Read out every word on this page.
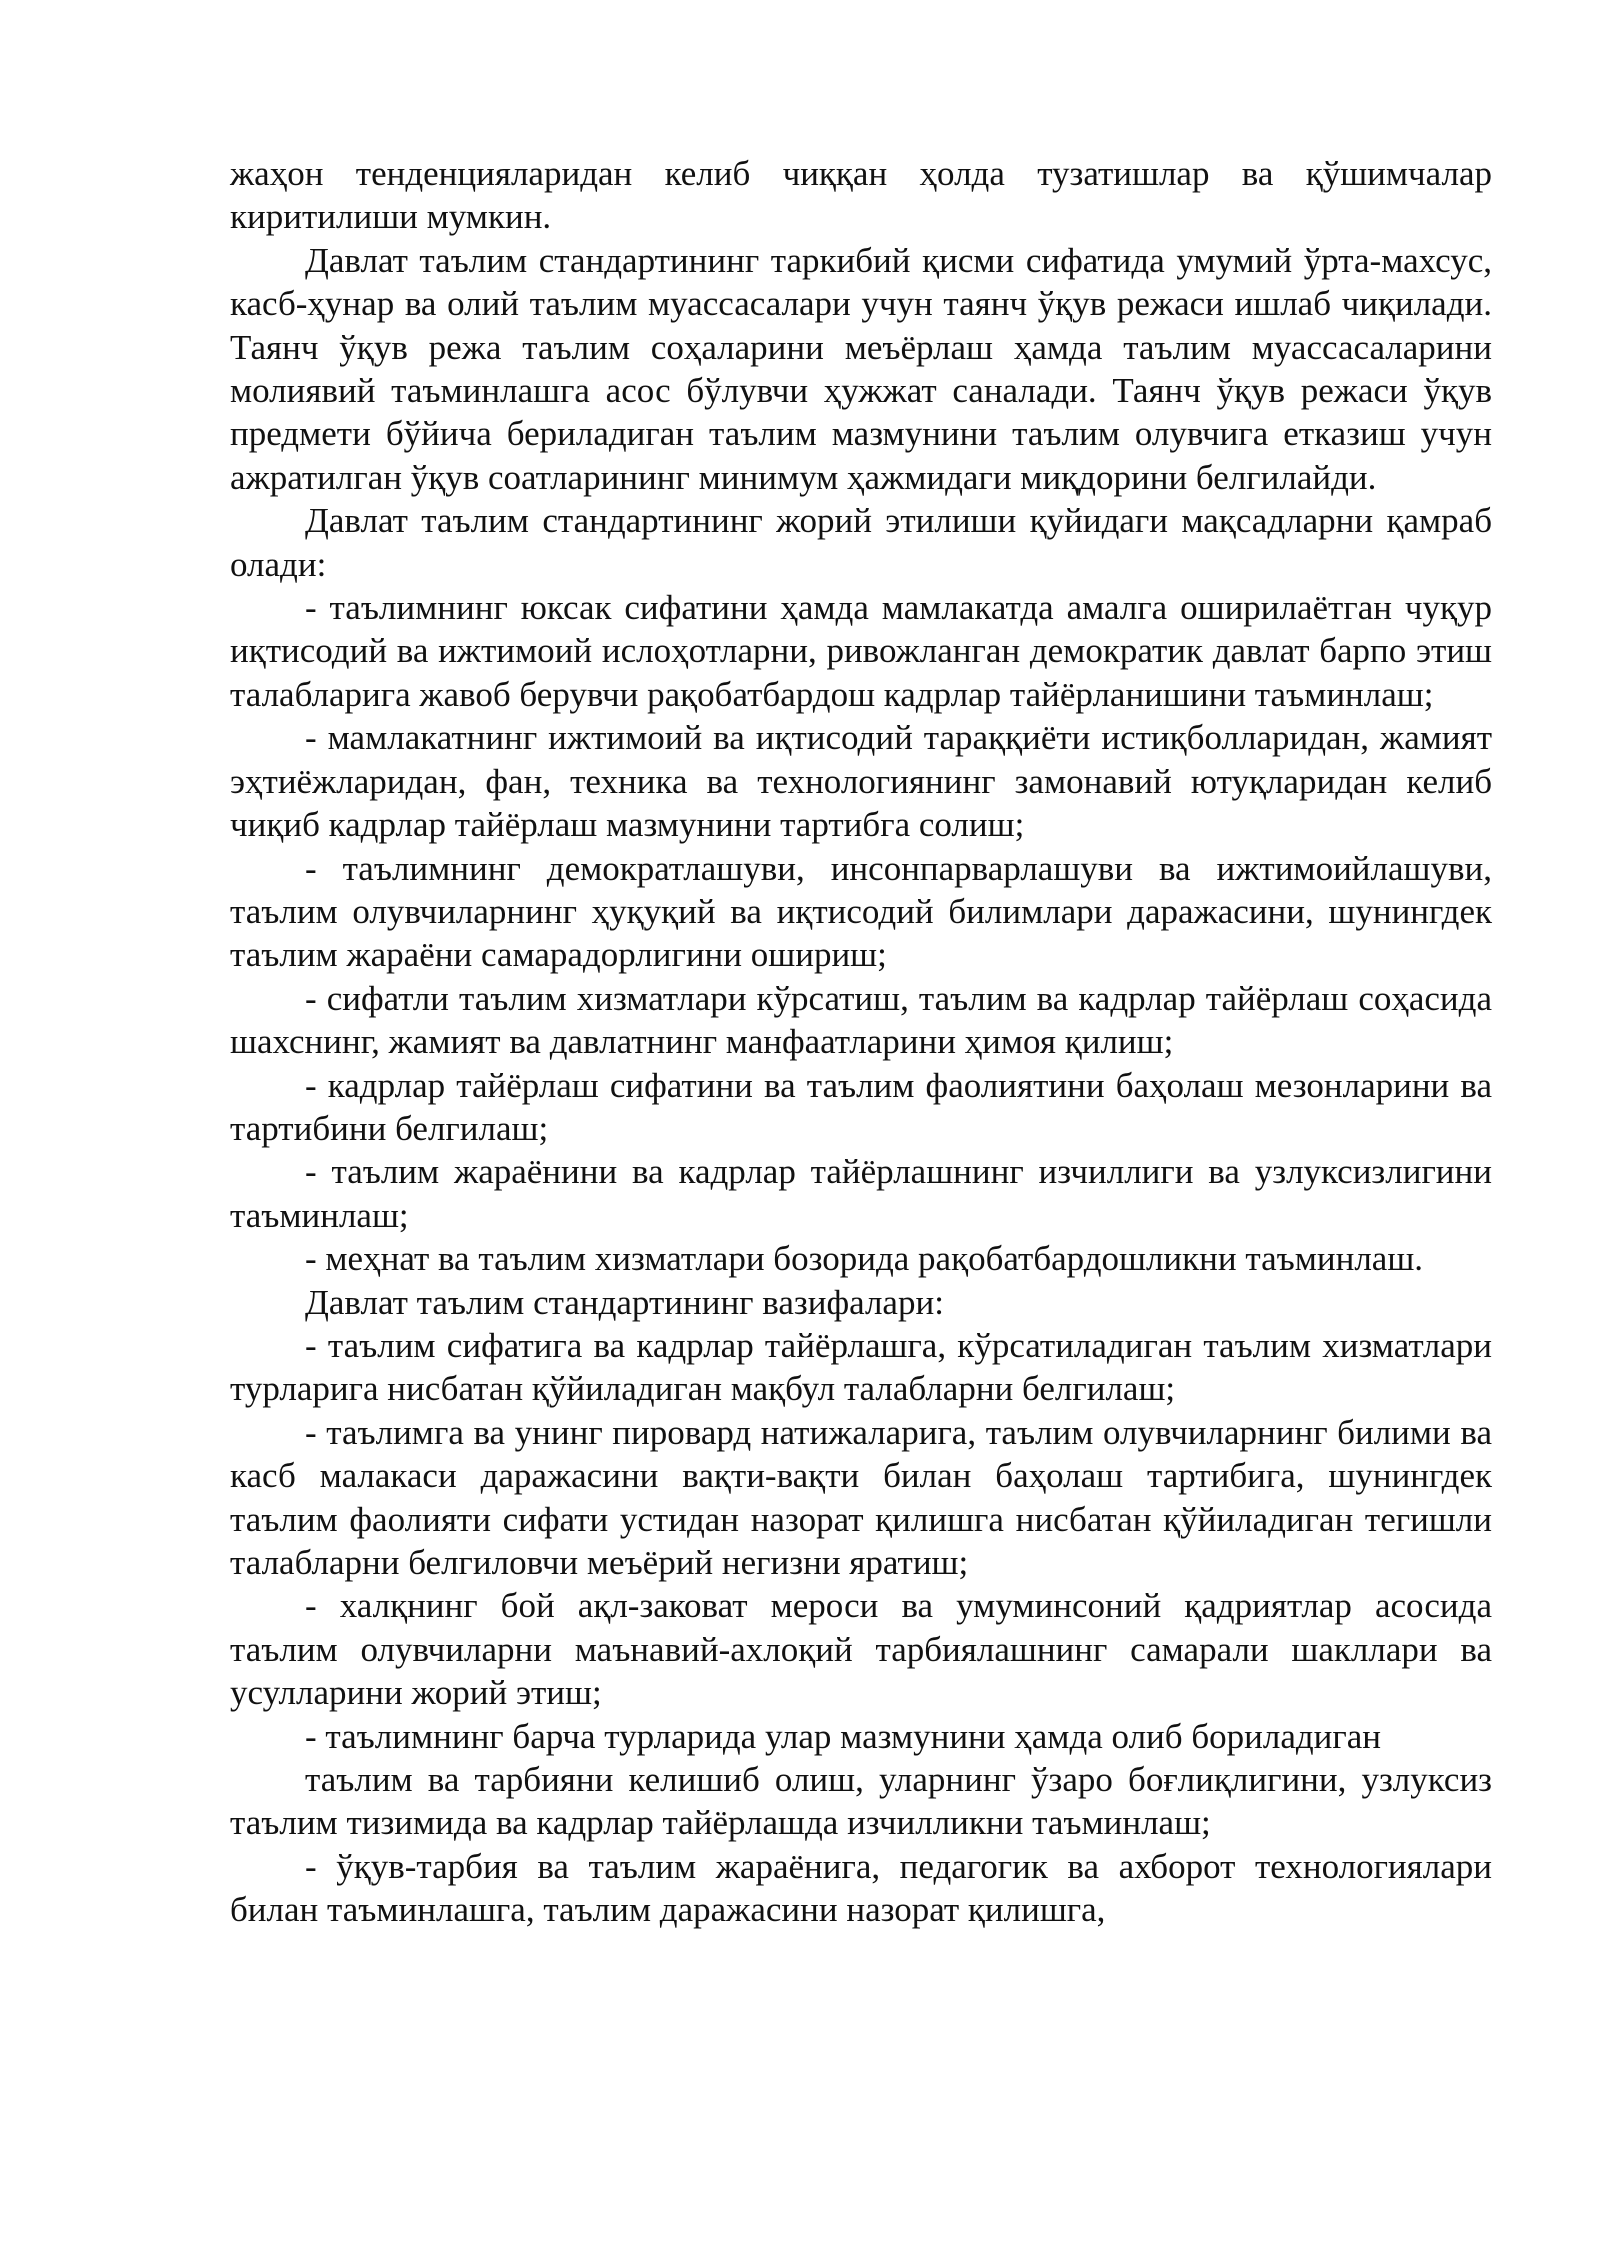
жаҳон тенденцияларидан келиб чиққан ҳолда тузатишлар ва қўшимчалар киритилиши мумкин.

Давлат таълим стандартининг таркибий қисми сифатида умумий ўрта-махсус, касб-ҳунар ва олий таълим муассасалари учун таянч ўқув режаси ишлаб чиқилади. Таянч ўқув режа таълим соҳаларини меъёрлаш ҳамда таълим муассасаларини молиявий таъминлашга асос бўлувчи ҳужжат саналади. Таянч ўқув режаси ўқув предмети бўйича бериладиган таълим мазмунини таълим олувчига етказиш учун ажратилган ўқув соатларининг минимум ҳажмидаги миқдорини белгилайди.

Давлат таълим стандартининг жорий этилиши қуйидаги мақсадларни қамраб олади:

- таълимнинг юксак сифатини ҳамда мамлакатда амалга оширилаётган чуқур иқтисодий ва ижтимоий ислоҳотларни, ривожланган демократик давлат барпо этиш талабларига жавоб берувчи рақобатбардош кадрлар тайёрланишини таъминлаш;

- мамлакатнинг ижтимоий ва иқтисодий тараққиёти истиқболларидан, жамият эҳтиёжларидан, фан, техника ва технологиянинг замонавий ютуқларидан келиб чиқиб кадрлар тайёрлаш мазмунини тартибга солиш;

- таълимнинг демократлашуви, инсонпарварлашуви ва ижтимоийлашуви, таълим олувчиларнинг ҳуқуқий ва иқтисодий билимлари даражасини, шунингдек таълим жараёни самарадорлигини ошириш;

- сифатли таълим хизматлари кўрсатиш, таълим ва кадрлар тайёрлаш соҳасида шахснинг, жамият ва давлатнинг манфаатларини ҳимоя қилиш;

- кадрлар тайёрлаш сифатини ва таълим фаолиятини баҳолаш мезонларини ва тартибини белгилаш;

- таълим жараёнини ва кадрлар тайёрлашнинг изчиллиги ва узлуксизлигини таъминлаш;

- меҳнат ва таълим хизматлари бозорида рақобатбардошликни таъминлаш.

Давлат таълим стандартининг вазифалари:

- таълим сифатига ва кадрлар тайёрлашга, кўрсатиладиган таълим хизматлари турларига нисбатан қўйиладиган мақбул талабларни белгилаш;

- таълимга ва унинг пировард натижаларига, таълим олувчиларнинг билими ва касб малакаси даражасини вақти-вақти билан баҳолаш тартибига, шунингдек таълим фаолияти сифати устидан назорат қилишга нисбатан қўйиладиган тегишли талабларни белгиловчи меъёрий негизни яратиш;

- халқнинг бой ақл-заковат мероси ва умуминсоний қадриятлар асосида таълим олувчиларни маънавий-ахлоқий тарбиялашнинг самарали шакллари ва усулларини жорий этиш;

- таълимнинг барча турларида улар мазмунини ҳамда олиб бориладиган

таълим ва тарбияни келишиб олиш, уларнинг ўзаро боғлиқлигини, узлуксиз таълим тизимида ва кадрлар тайёрлашда изчилликни таъминлаш;

- ўқув-тарбия ва таълим жараёнига, педагогик ва ахборот технологиялари билан таъминлашга, таълим даражасини назорат қилишга,
